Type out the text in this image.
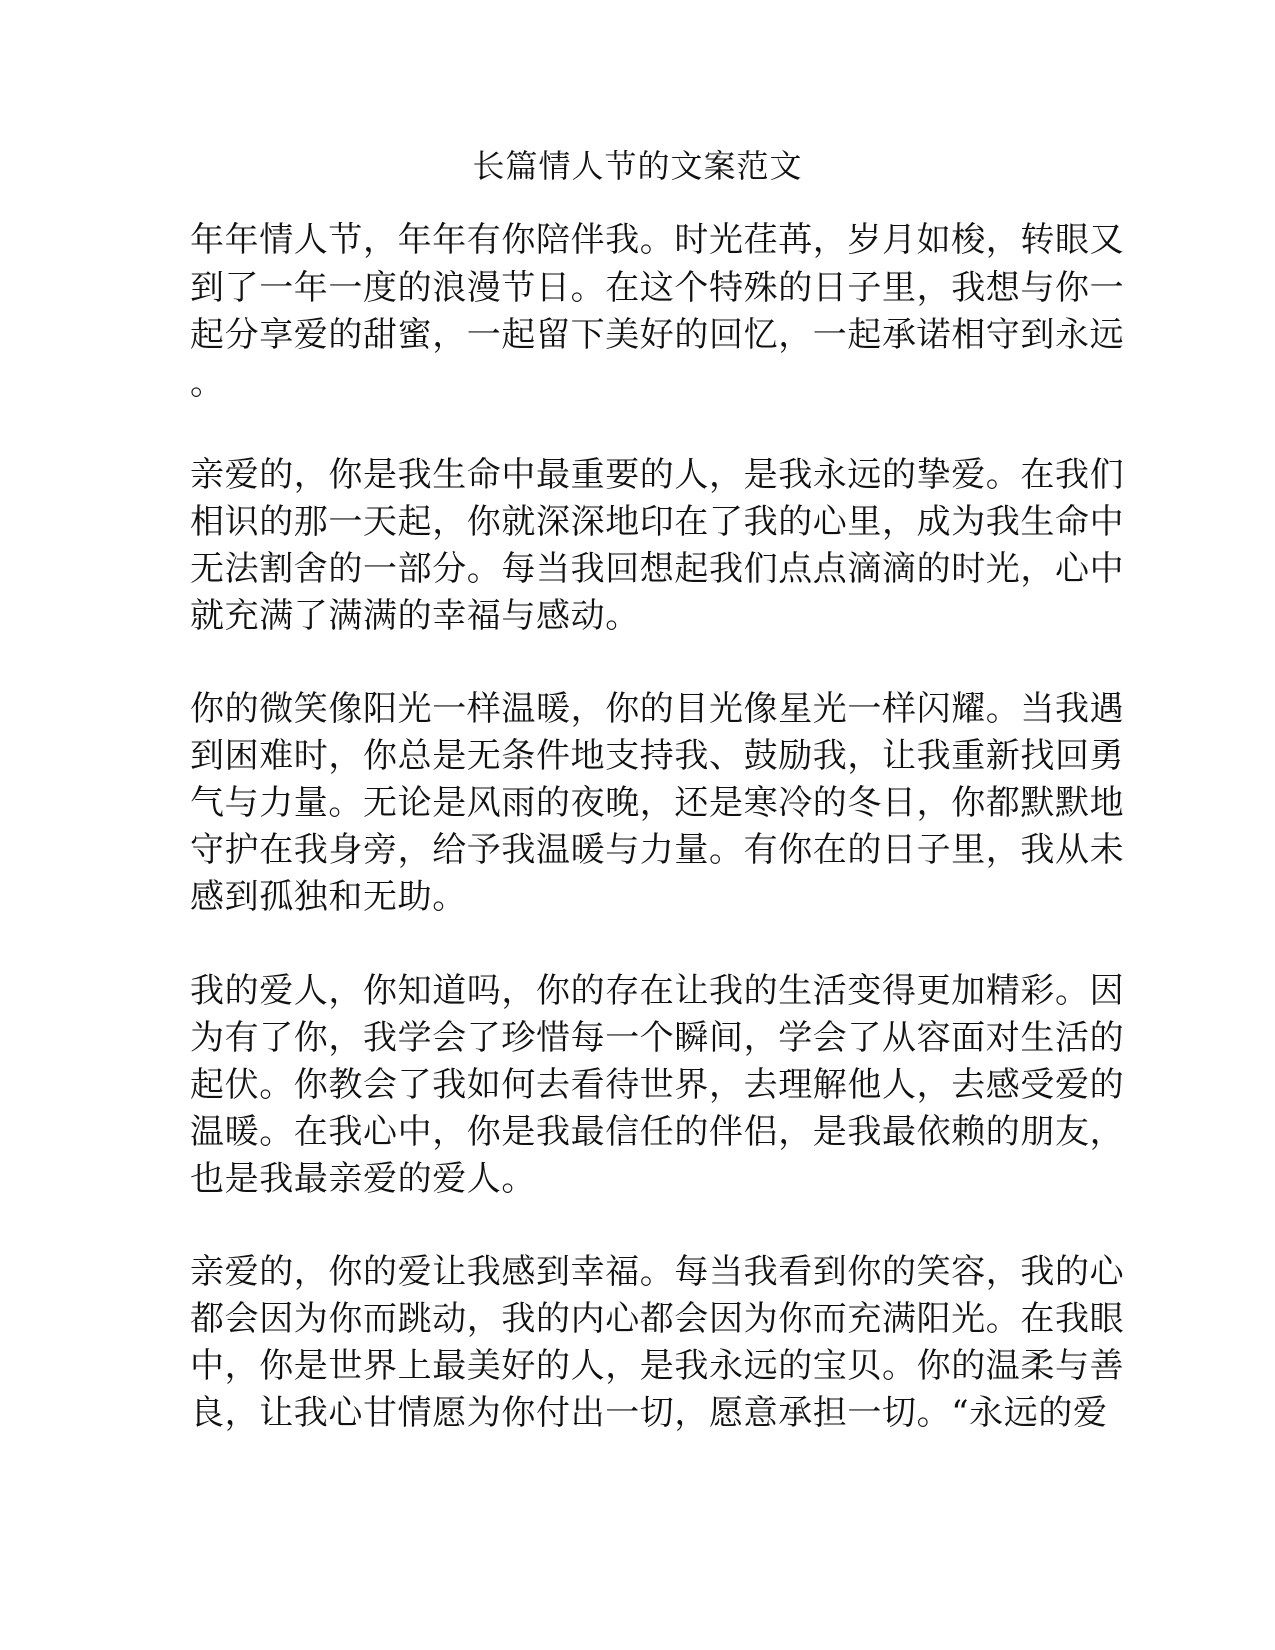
长篇情人节的文案范文
年年情人节，年年有你陪伴我。时光荏苒，岁月如梭，转眼又
到了一年一度的浪漫节日。在这个特殊的日子里，我想与你一
起分享爱的甜蜜，一起留下美好的回忆，一起承诺相守到永远
。
亲爱的，你是我生命中最重要的人，是我永远的挚爱。在我们
相识的那一天起，你就深深地印在了我的心里，成为我生命中
无法割舍的一部分。每当我回想起我们点点滴滴的时光，心中
就充满了满满的幸福与感动。
你的微笑像阳光一样温暖，你的目光像星光一样闪耀。当我遇
到困难时，你总是无条件地支持我、鼓励我，让我重新找回勇
气与力量。无论是风雨的夜晚，还是寒冷的冬日，你都默默地
守护在我身旁，给予我温暖与力量。有你在的日子里，我从未
感到孤独和无助。
我的爱人，你知道吗，你的存在让我的生活变得更加精彩。因
为有了你，我学会了珍惜每一个瞬间，学会了从容面对生活的
起伏。你教会了我如何去看待世界，去理解他人，去感受爱的
温暖。在我心中，你是我最信任的伴侣，是我最依赖的朋友，
也是我最亲爱的爱人。
亲爱的，你的爱让我感到幸福。每当我看到你的笑容，我的心
都会因为你而跳动，我的内心都会因为你而充满阳光。在我眼
中，你是世界上最美好的人，是我永远的宝贝。你的温柔与善
良，让我心甘情愿为你付出一切，愿意承担一切。“永远的爱
